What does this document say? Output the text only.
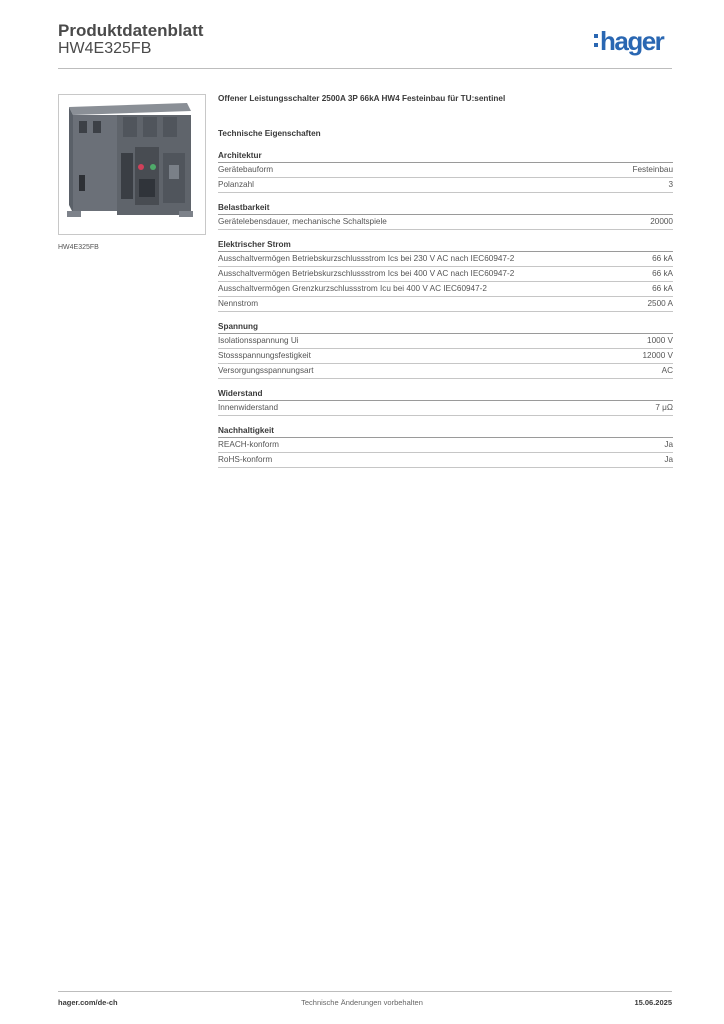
Produktdatenblatt
HW4E325FB	hager
HW4E325FB
Offener Leistungsschalter 2500A 3P 66kA HW4 Festeinbau für TU:sentinel
Technische Eigenschaften
Architektur
Gerätebauform	Festeinbau
Polanzahl	3
Belastbarkeit
Gerätelebensdauer, mechanische Schaltspiele	20000
Elektrischer Strom
Ausschaltvermögen Betriebskurzschlussstrom Ics bei 230 V AC nach IEC60947-2	66 kA
Ausschaltvermögen Betriebskurzschlussstrom Ics bei 400 V AC nach IEC60947-2	66 kA
Ausschaltvermögen Grenzkurzschlussstrom Icu bei 400 V AC IEC60947-2	66 kA
Nennstrom	2500 A
Spannung
Isolationsspannung Ui	1000 V
Stossspannungsfestigkeit	12000 V
Versorgungsspannungsart	AC
Widerstand
Innenwiderstand	7 μΩ
Nachhaltigkeit
REACH-konform	Ja
RoHS-konform	Ja
hager.com/de-ch	Technische Änderungen vorbehalten	15.06.2025
